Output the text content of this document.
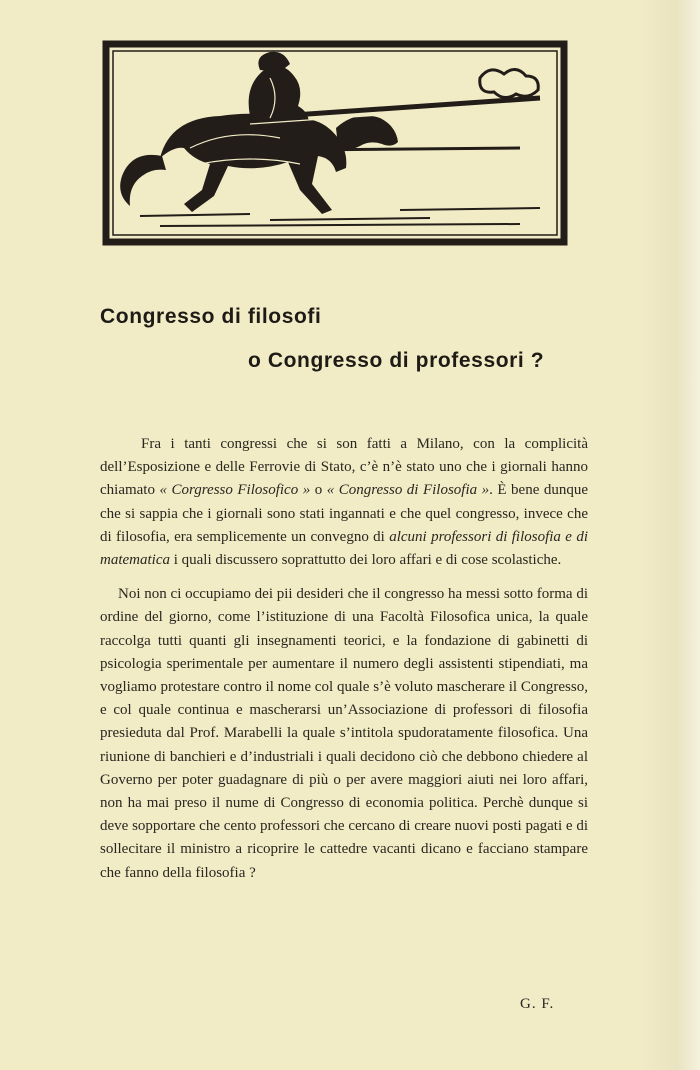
Congresso di filosofi
o Congresso di professori ?

Fra i tanti congressi che si son fatti a Milano, con la complicità dell’Esposizione e delle Ferrovie di Stato, c’è n’è stato uno che i giornali hanno chiamato « Corgresso Filosofico » o « Congresso di Filosofia ». È bene dunque che si sappia che i giornali sono stati ingannati e che quel congresso, invece che di filosofia, era semplicemente un convegno di alcuni professori di filosofia e di matematica i quali discussero soprattutto dei loro affari e di cose scolastiche.

Noi non ci occupiamo dei pii desideri che il congresso ha messi sotto forma di ordine del giorno, come l’istituzione di una Facoltà Filosofica unica, la quale raccolga tutti quanti gli insegnamenti teorici, e la fondazione di gabinetti di psicologia sperimentale per aumentare il numero degli assistenti stipendiati, ma vogliamo protestare contro il nome col quale s’è voluto mascherare il Congresso, e col quale continua e mascherarsi un’Associazione di professori di filosofia presieduta dal Prof. Marabelli la quale s’intitola spudoratamente filosofica. Una riunione di banchieri e d’industriali i quali decidono ciò che debbono chiedere al Governo per poter guadagnare di più o per avere maggiori aiuti nei loro affari, non ha mai preso il nume di Congresso di economia politica. Perchè dunque si deve sopportare che cento professori che cercano di creare nuovi posti pagati e di sollecitare il ministro a ricoprire le cattedre vacanti dicano e facciano stampare che fanno della filosofia ?

G. F.
